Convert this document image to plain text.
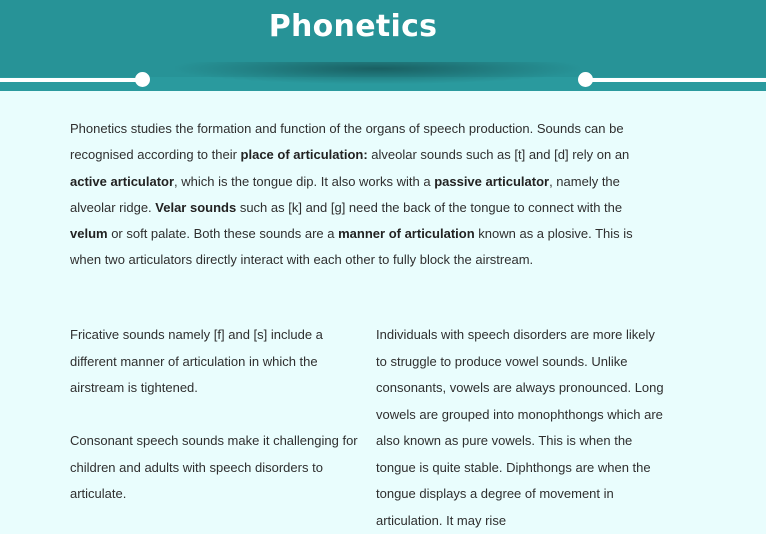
Phonetics

Phonetics studies the formation and function of the organs of speech production. Sounds can be recognised according to their place of articulation: alveolar sounds such as [t] and [d] rely on an active articulator, which is the tongue dip. It also works with a passive articulator, namely the alveolar ridge. Velar sounds such as [k] and [g] need the back of the tongue to connect with the velum or soft palate. Both these sounds are a manner of articulation known as a plosive. This is when two articulators directly interact with each other to fully block the airstream.

Fricative sounds namely [f] and [s] include a different manner of articulation in which the airstream is tightened.

Consonant speech sounds make it challenging for children and adults with speech disorders to articulate.

Individuals with speech disorders are more likely to struggle to produce vowel sounds. Unlike consonants, vowels are always pronounced. Long vowels are grouped into monophthongs which are also known as pure vowels. This is when the tongue is quite stable. Diphthongs are when the tongue displays a degree of movement in articulation. It may rise
